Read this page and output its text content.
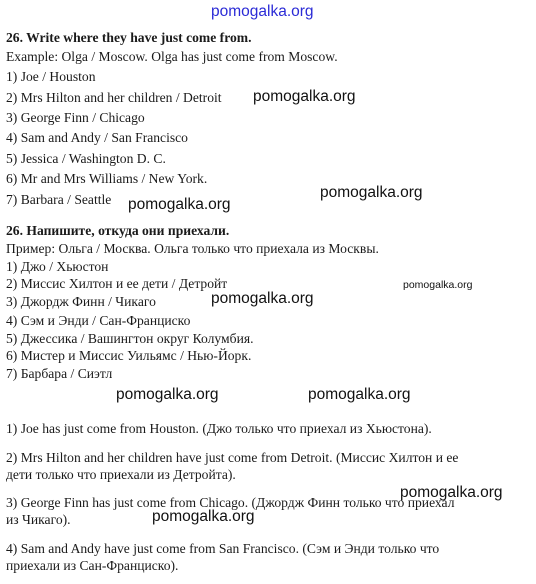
26. Write where they have just come from.
Example: Olga / Moscow. Olga has just come from Moscow.
1) Joe / Houston
2) Mrs Hilton and her children / Detroit
3) George Finn / Chicago
4) Sam and Andy / San Francisco
5) Jessica / Washington D. C.
6) Mr and Mrs Williams / New York.
7) Barbara / Seattle
26. Напишите, откуда они приехали.
Пример: Ольга / Москва. Ольга только что приехала из Москвы.
1) Джо / Хьюстон
2) Миссис Хилтон и ее дети / Детройт
3) Джордж Финн / Чикаго
4) Сэм и Энди / Сан-Франциско
5) Джессика / Вашингтон округ Колумбия.
6) Мистер и Миссис Уильямс / Нью-Йорк.
7) Барбара / Сиэтл
1) Joe has just come from Houston. (Джо только что приехал из Хьюстона).
2) Mrs Hilton and her children have just come from Detroit. (Миссис Хилтон и ее
дети только что приехали из Детройта).
3) George Finn has just come from Chicago. (Джордж Финн только что приехал
из Чикаго).
4) Sam and Andy have just come from San Francisco. (Сэм и Энди только что
приехали из Сан-Франциско).
pomogalka.org
pomogalka.org
pomogalka.org
pomogalka.org
pomogalka.org
pomogalka.org
pomogalka.org	pomogalka.org
pomogalka.org
pomogalka.org
